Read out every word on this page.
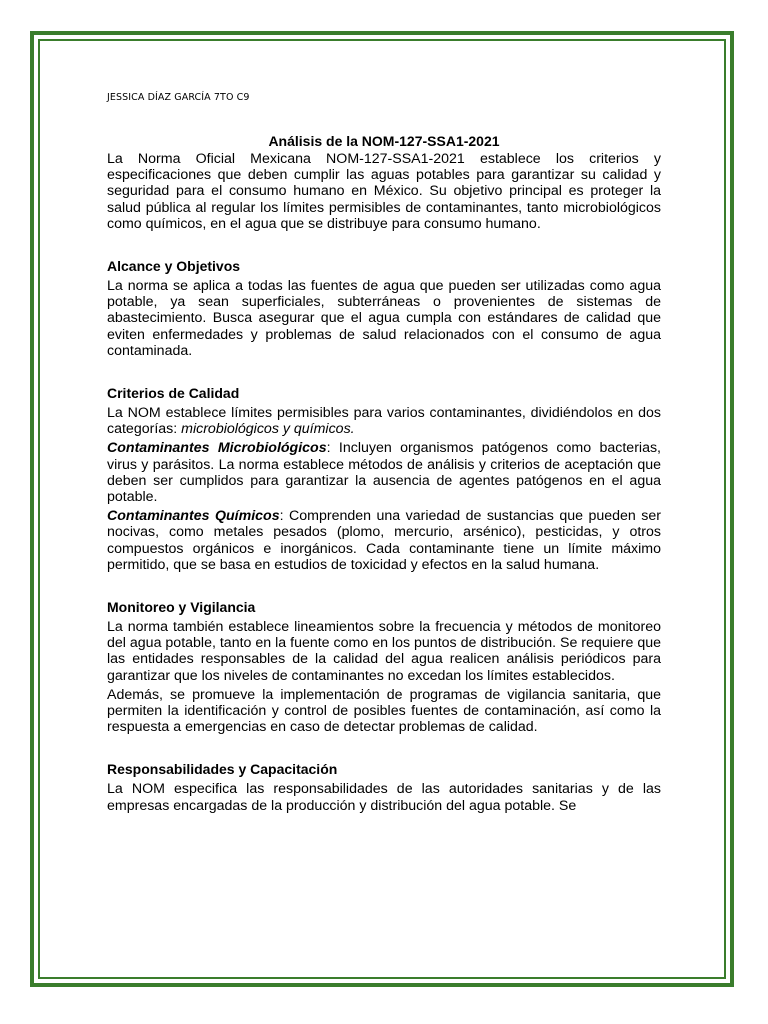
JESSICA DÍAZ GARCÍA 7TO C9
Análisis de la NOM-127-SSA1-2021

La Norma Oficial Mexicana NOM-127-SSA1-2021 establece los criterios y especificaciones que deben cumplir las aguas potables para garantizar su calidad y seguridad para el consumo humano en México. Su objetivo principal es proteger la salud pública al regular los límites permisibles de contaminantes, tanto microbiológicos como químicos, en el agua que se distribuye para consumo humano.

Alcance y Objetivos

La norma se aplica a todas las fuentes de agua que pueden ser utilizadas como agua potable, ya sean superficiales, subterráneas o provenientes de sistemas de abastecimiento. Busca asegurar que el agua cumpla con estándares de calidad que eviten enfermedades y problemas de salud relacionados con el consumo de agua contaminada.

Criterios de Calidad

La NOM establece límites permisibles para varios contaminantes, dividiéndolos en dos categorías: microbiológicos y químicos.

Contaminantes Microbiológicos: Incluyen organismos patógenos como bacterias, virus y parásitos. La norma establece métodos de análisis y criterios de aceptación que deben ser cumplidos para garantizar la ausencia de agentes patógenos en el agua potable.

Contaminantes Químicos: Comprenden una variedad de sustancias que pueden ser nocivas, como metales pesados (plomo, mercurio, arsénico), pesticidas, y otros compuestos orgánicos e inorgánicos. Cada contaminante tiene un límite máximo permitido, que se basa en estudios de toxicidad y efectos en la salud humana.

Monitoreo y Vigilancia

La norma también establece lineamientos sobre la frecuencia y métodos de monitoreo del agua potable, tanto en la fuente como en los puntos de distribución. Se requiere que las entidades responsables de la calidad del agua realicen análisis periódicos para garantizar que los niveles de contaminantes no excedan los límites establecidos.

Además, se promueve la implementación de programas de vigilancia sanitaria, que permiten la identificación y control de posibles fuentes de contaminación, así como la respuesta a emergencias en caso de detectar problemas de calidad.

Responsabilidades y Capacitación

La NOM especifica las responsabilidades de las autoridades sanitarias y de las empresas encargadas de la producción y distribución del agua potable. Se
